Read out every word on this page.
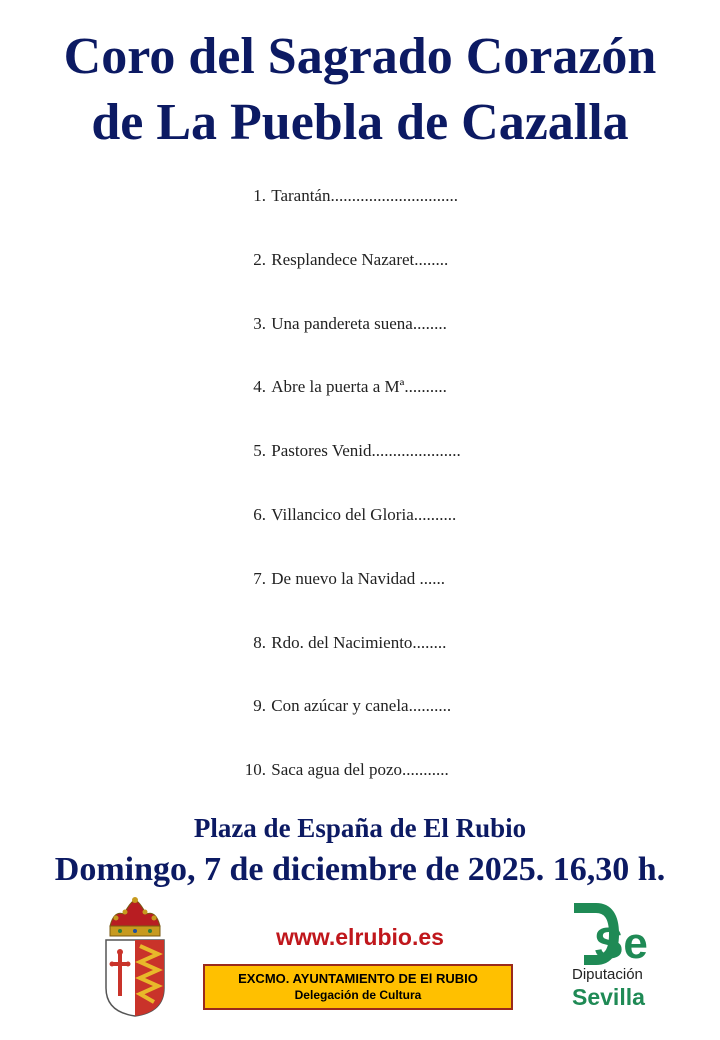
Coro del Sagrado Corazón
de La Puebla de Cazalla
1.
Tarantán..............................
2.
Resplandece Nazaret........
3.
Una pandereta suena........
4.
Abre la puerta a Mª..........
5.
Pastores Venid.....................
6.
Villancico del Gloria..........
7.
De nuevo la Navidad ......
8.
Rdo. del Nacimiento........
9.
Con azúcar y canela..........
10.
Saca agua del pozo...........
Plaza de España de El Rubio
Domingo, 7 de diciembre de 2025. 16,30 h.
www.elrubio.es
EXCMO. AYUNTAMIENTO DE El RUBIO
Delegación de Cultura
Se
Diputación
Sevilla
